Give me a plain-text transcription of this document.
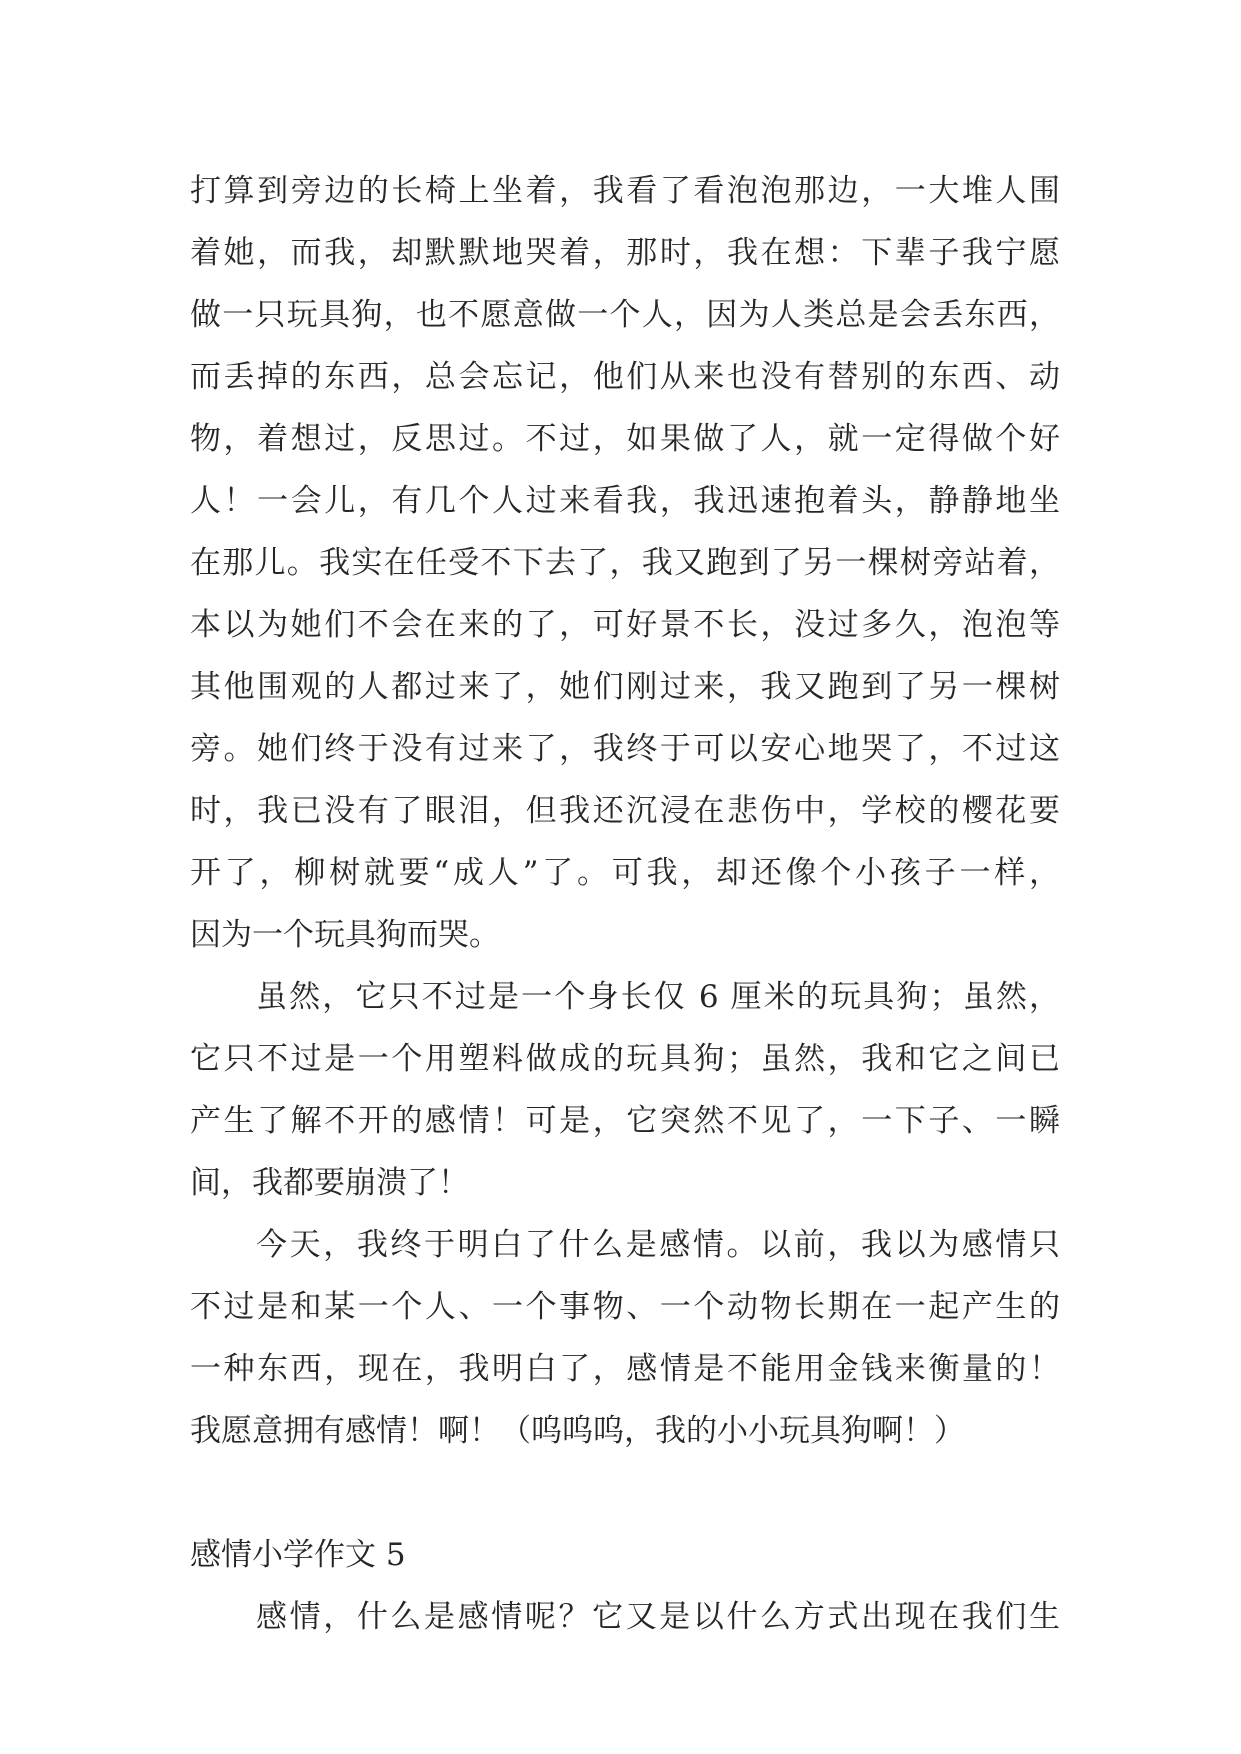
打算到旁边的长椅上坐着，我看了看泡泡那边，一大堆人围
着她，而我，却默默地哭着，那时，我在想：下辈子我宁愿
做一只玩具狗，也不愿意做一个人，因为人类总是会丢东西，
而丢掉的东西，总会忘记，他们从来也没有替别的东西、动
物，着想过，反思过。不过，如果做了人，就一定得做个好
人！一会儿，有几个人过来看我，我迅速抱着头，静静地坐
在那儿。我实在任受不下去了，我又跑到了另一棵树旁站着，
本以为她们不会在来的了，可好景不长，没过多久，泡泡等
其他围观的人都过来了，她们刚过来，我又跑到了另一棵树
旁。她们终于没有过来了，我终于可以安心地哭了，不过这
时，我已没有了眼泪，但我还沉浸在悲伤中，学校的樱花要
开了，柳树就要“成人”了。可我，却还像个小孩子一样，
因为一个玩具狗而哭。
虽然，它只不过是一个身长仅 6 厘米的玩具狗；虽然，
它只不过是一个用塑料做成的玩具狗；虽然，我和它之间已
产生了解不开的感情！可是，它突然不见了，一下子、一瞬
间，我都要崩溃了！
今天，我终于明白了什么是感情。以前，我以为感情只
不过是和某一个人、一个事物、一个动物长期在一起产生的
一种东西，现在，我明白了，感情是不能用金钱来衡量的！
我愿意拥有感情！啊！（呜呜呜，我的小小玩具狗啊！）
感情小学作文 5
感情，什么是感情呢？它又是以什么方式出现在我们生
